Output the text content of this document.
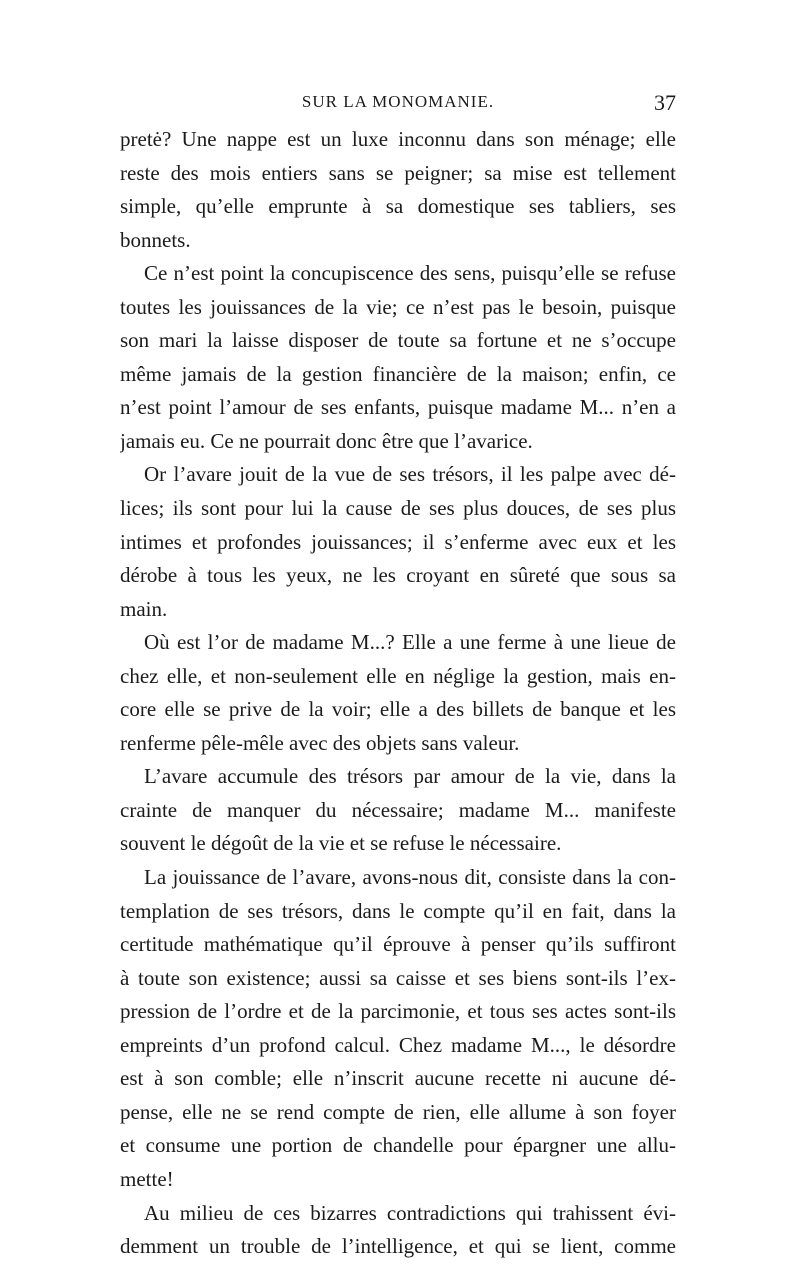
SUR LA MONOMANIE.	37
pretė? Une nappe est un luxe inconnu dans son ménage; elle
reste des mois entiers sans se peigner; sa mise est tellement
simple, qu’elle emprunte à sa domestique ses tabliers, ses
bonnets.
Ce n’est point la concupiscence des sens, puisqu’elle se refuse
toutes les jouissances de la vie; ce n’est pas le besoin, puisque
son mari la laisse disposer de toute sa fortune et ne s’occupe
même jamais de la gestion financière de la maison; enfin, ce
n’est point l’amour de ses enfants, puisque madame M... n’en a
jamais eu. Ce ne pourrait donc être que l’avarice.
Or l’avare jouit de la vue de ses trésors, il les palpe avec dé-
lices; ils sont pour lui la cause de ses plus douces, de ses plus
intimes et profondes jouissances; il s’enferme avec eux et les
dérobe à tous les yeux, ne les croyant en sûreté que sous sa
main.
Où est l’or de madame M...? Elle a une ferme à une lieue de
chez elle, et non-seulement elle en néglige la gestion, mais en-
core elle se prive de la voir; elle a des billets de banque et les
renferme pêle-mêle avec des objets sans valeur.
L’avare accumule des trésors par amour de la vie, dans la
crainte de manquer du nécessaire; madame M... manifeste
souvent le dégoût de la vie et se refuse le nécessaire.
La jouissance de l’avare, avons-nous dit, consiste dans la con-
templation de ses trésors, dans le compte qu’il en fait, dans la
certitude mathématique qu’il éprouve à penser qu’ils suffiront
à toute son existence; aussi sa caisse et ses biens sont-ils l’ex-
pression de l’ordre et de la parcimonie, et tous ses actes sont-ils
empreints d’un profond calcul. Chez madame M..., le désordre
est à son comble; elle n’inscrit aucune recette ni aucune dé-
pense, elle ne se rend compte de rien, elle allume à son foyer
et consume une portion de chandelle pour épargner une allu-
mette!
Au milieu de ces bizarres contradictions qui trahissent évi-
demment un trouble de l’intelligence, et qui se lient, comme
